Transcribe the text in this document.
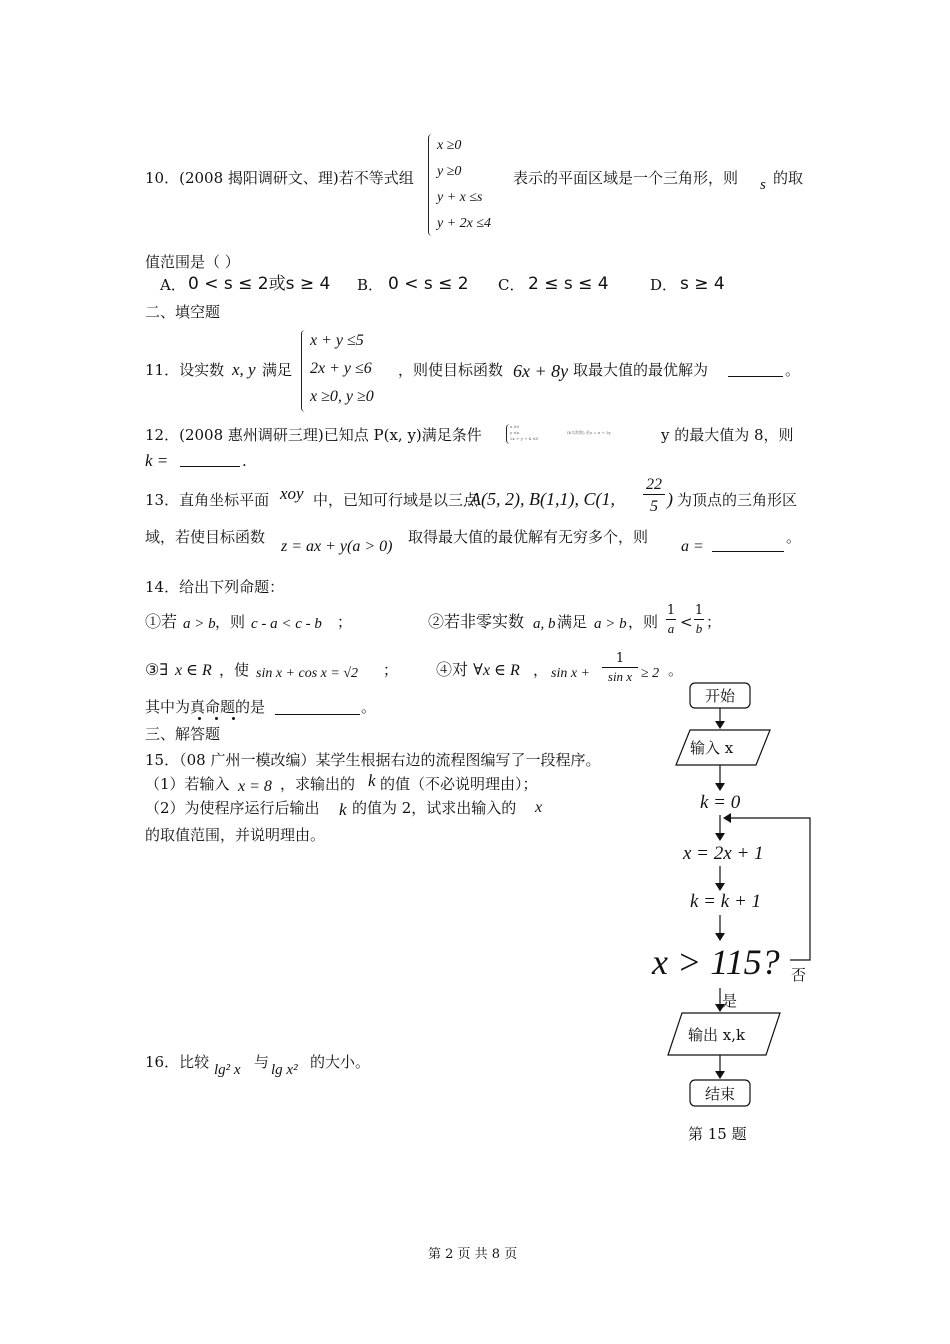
10．(2008 揭阳调研文、理)若不等式组
x ≥0
y ≥0
y + x ≤s
y + 2x ≤4
表示的平面区域是一个三角形，则 s 的取
值范围是（ ）
A． 0 < s ≤ 2或s ≥ 4 B． 0 < s ≤ 2 C． 2 ≤ s ≤ 4	D． s ≥ 4
二、填空题
11．设实数 x, y 满足
x + y ≤5
2x + y ≤6
x ≥0, y ≥0
，则使目标函数 6x + 8y 取最大值的最优解为	。
12．(2008 惠州调研三理)已知点 P(x, y)满足条件	x ≥0
y ≤x
2x + y + k ≤0
(k为常数),若z = x + 3y	y 的最大值为 8，则
k =	.
13．直角坐标平面 xoy 中，已知可行域是以三点
A(5, 2), B(1,1), C(1,
22
5 ) 为顶点的三角形区
域，若使目标函数
z = ax + y(a > 0)
取得最大值的最优解有无穷多个，则
a =
。
14．给出下列命题：
①若 a > b ，则 c - a < c - b ；	②若非零实数 a, b 满足 a > b ，则
1
a <
1
b ；
③∃ x ∈ R ，使 sin x + cos x = √2 ； ④对 ∀ x ∈ R ， sin x +
1
sin x ≥ 2 。
其中为真命题的是	。
三、解答题
15．（08 广州一模改编）某学生根据右边的流程图编写了一段程序。
（1）若输入 x = 8 ，求输出的 k 的值（不必说明理由）；
（2）为使程序运行后输出 k 的值为 2，试求出输入的 x
的取值范围，并说明理由。
16．比较 lg² x 与 lg x² 的大小。
开始
输入 x
k = 0
x = 2x + 1
k = k + 1
x > 115? 否
是
输出 x,k
结束
第 15 题
第 2 页 共 8 页
